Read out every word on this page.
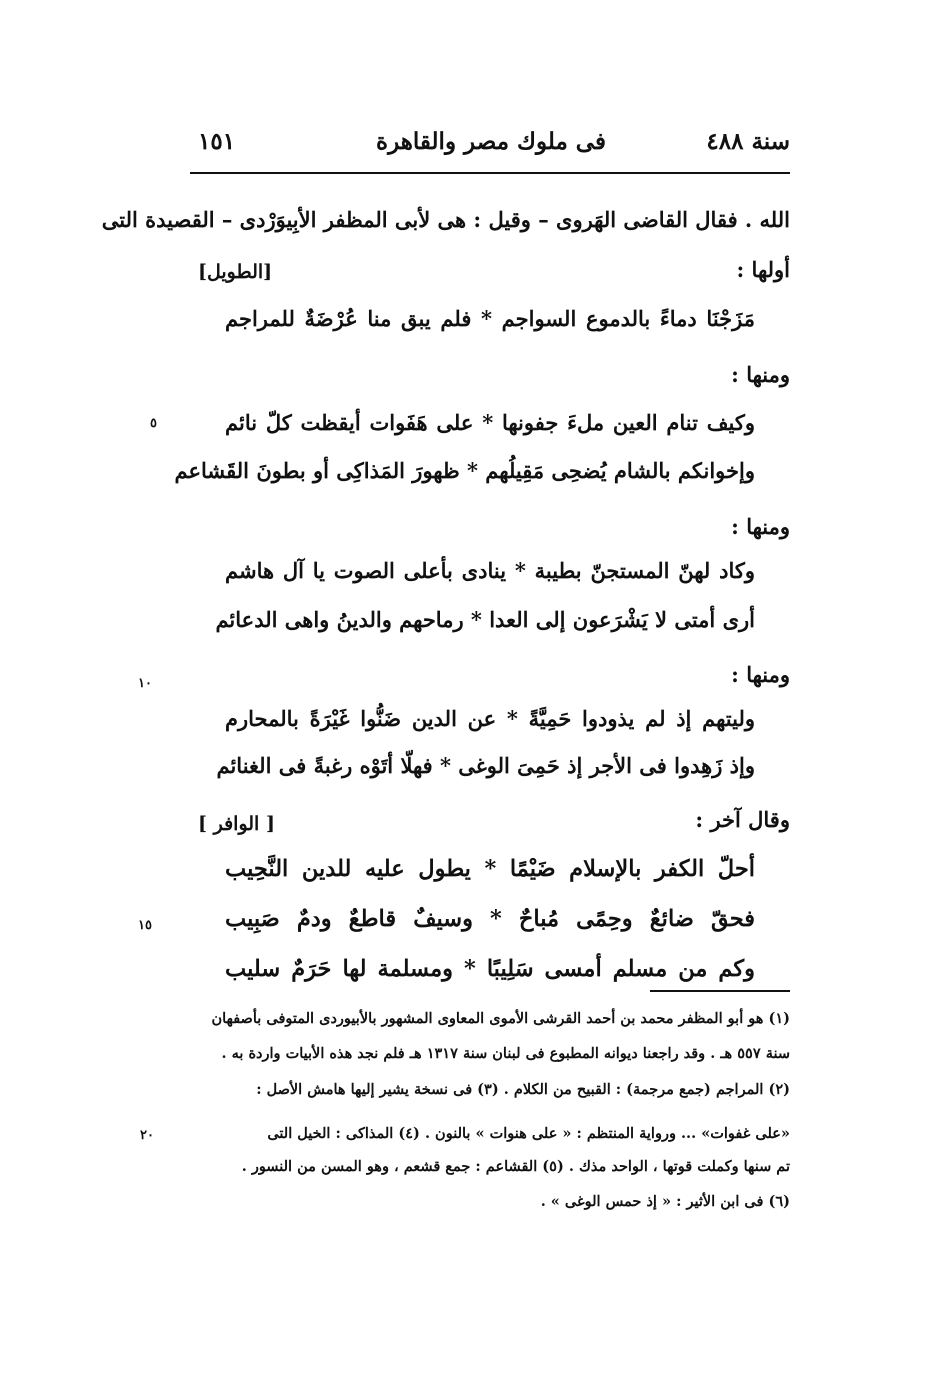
١٥١	فى ملوك مصر والقاهرة	سنة ٤٨٨
الله . فقال القاضى الهَروى – وقيل : هى لأبى المظفر الأبِيوَرْدى – القصيدة التى
أولها :
[الطويل]
مَزَجْنَا دماءً بالدموع السواجم * فلم يبق منا عُرْضَةٌ للمراجم
ومنها :
وكيف تنام العين ملءَ جفونها * على هَفَوات أيقظت كلّ نائم
٥
وإخوانكم بالشام يُضحِى مَقِيلُهم * ظهورَ المَذاكِى أو بطونَ القَشاعم
ومنها :
وكاد لهنّ المستجنّ بطيبة * ينادى بأعلى الصوت يا آل هاشم
أرى أمتى لا يَشْرَعون إلى العدا * رماحهم والدينُ واهى الدعائم
ومنها :
١٠
وليتهم إذ لم يذودوا حَمِيَّةً * عن الدين ضَنُّوا غَيْرَةً بالمحارم
وإذ زَهِدوا فى الأجر إذ حَمِىَ الوغى * فهلّا أتَوْه رغبةً فى الغنائم
وقال آخر :
[ الوافر ]
أحلّ الكفر بالإسلام ضَيْمًا * يطول عليه للدين النَّحِيب
فحقّ ضائعٌ وحِمًى مُباحٌ * وسيفٌ قاطعٌ ودمٌ صَبِيب
١٥
وكم من مسلم أمسى سَلِيبًا * ومسلمة لها حَرَمٌ سليب
(١) هو أبو المظفر محمد بن أحمد القرشى الأموى المعاوى المشهور بالأبيوردى المتوفى بأصفهان
سنة ٥٥٧ هـ . وقد راجعنا ديوانه المطبوع فى لبنان سنة ١٣١٧ هـ فلم نجد هذه الأبيات واردة به .
(٢) المراجم (جمع مرجمة) : القبيح من الكلام . (٣) فى نسخة يشير إليها هامش الأصل :
«على غفوات» ... ورواية المنتظم : « على هنوات » بالنون . (٤) المذاكى : الخيل التى
٢٠
تم سنها وكملت قوتها ، الواحد مذك . (٥) القشاعم : جمع قشعم ، وهو المسن من النسور .
(٦) فى ابن الأثير : « إذ حمس الوغى » .
